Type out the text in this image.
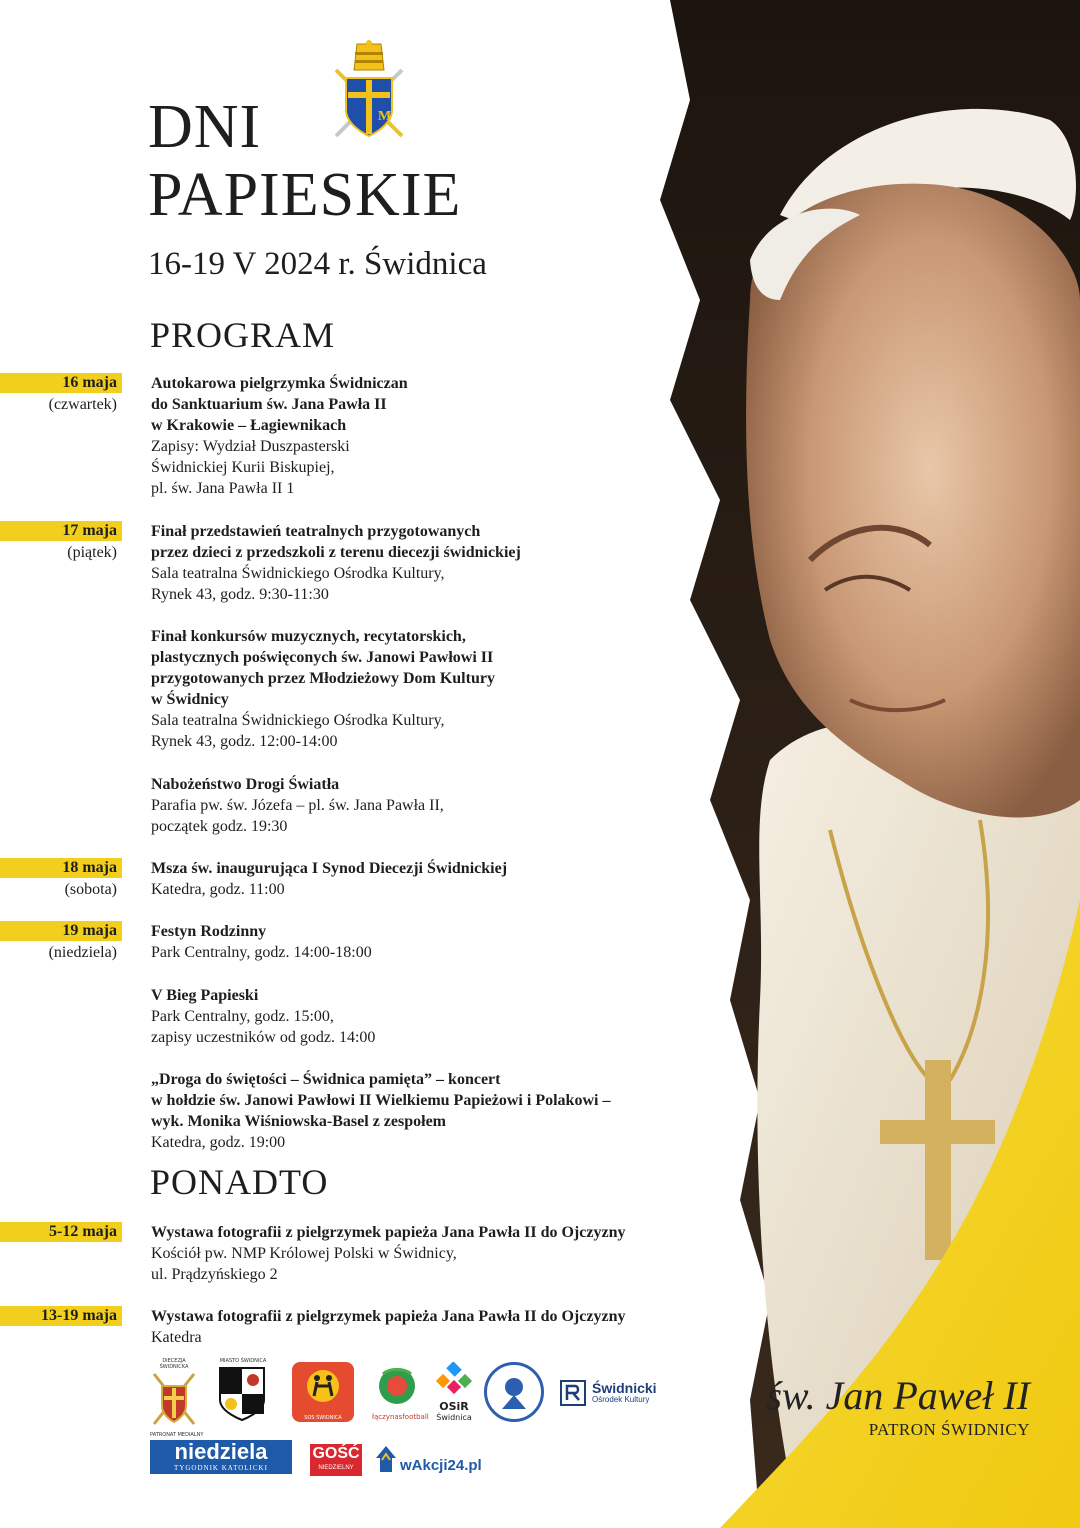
M
DNI
PAPIESKIE
16-19 V 2024 r. Świdnica
PROGRAM
16 maja
(czwartek)
Autokarowa pielgrzymka Świdniczan
do Sanktuarium św. Jana Pawła II
w Krakowie – Łagiewnikach
Zapisy: Wydział Duszpasterski
Świdnickiej Kurii Biskupiej,
pl. św. Jana Pawła II 1
17 maja
(piątek)
Finał przedstawień teatralnych przygotowanych
przez dzieci z przedszkoli z terenu diecezji świdnickiej
Sala teatralna Świdnickiego Ośrodka Kultury,
Rynek 43, godz. 9:30-11:30
Finał konkursów muzycznych, recytatorskich,
plastycznych poświęconych św. Janowi Pawłowi II
przygotowanych przez Młodzieżowy Dom Kultury
w Świdnicy
Sala teatralna Świdnickiego Ośrodka Kultury,
Rynek 43, godz. 12:00-14:00
Nabożeństwo Drogi Światła
Parafia pw. św. Józefa – pl. św. Jana Pawła II,
początek godz. 19:30
18 maja
(sobota)
Msza św. inaugurująca I Synod Diecezji Świdnickiej
Katedra, godz. 11:00
19 maja
(niedziela)
Festyn Rodzinny
Park Centralny, godz. 14:00-18:00
V Bieg Papieski
Park Centralny, godz. 15:00,
zapisy uczestników od godz. 14:00
„Droga do świętości – Świdnica pamięta” – koncert
w hołdzie św. Janowi Pawłowi II Wielkiemu Papieżowi i Polakowi –
wyk. Monika Wiśniowska-Basel z zespołem
Katedra, godz. 19:00
PONADTO
5-12 maja Wystawa fotografii z pielgrzymek papieża Jana Pawła II do Ojczyzny
Kościół pw. NMP Królowej Polski w Świdnicy,
ul. Prądzyńskiego 2
13-19 maja Wystawa fotografii z pielgrzymek papieża Jana Pawła II do Ojczyzny
Katedra
DIECEZJA ŚWIDNICKA
MIASTO ŚWIDNICA
SOS ŚWIDNICA	łączynasfootball
OSiR
Świdnica
Świdnicki
Ośrodek Kultury
PATRONAT MEDIALNY
niedziela
TYGODNIK KATOLICKI
GOŚĆ
NIEDZIELNY	wAkcji24.pl
św. Jan Paweł II
PATRON ŚWIDNICY
